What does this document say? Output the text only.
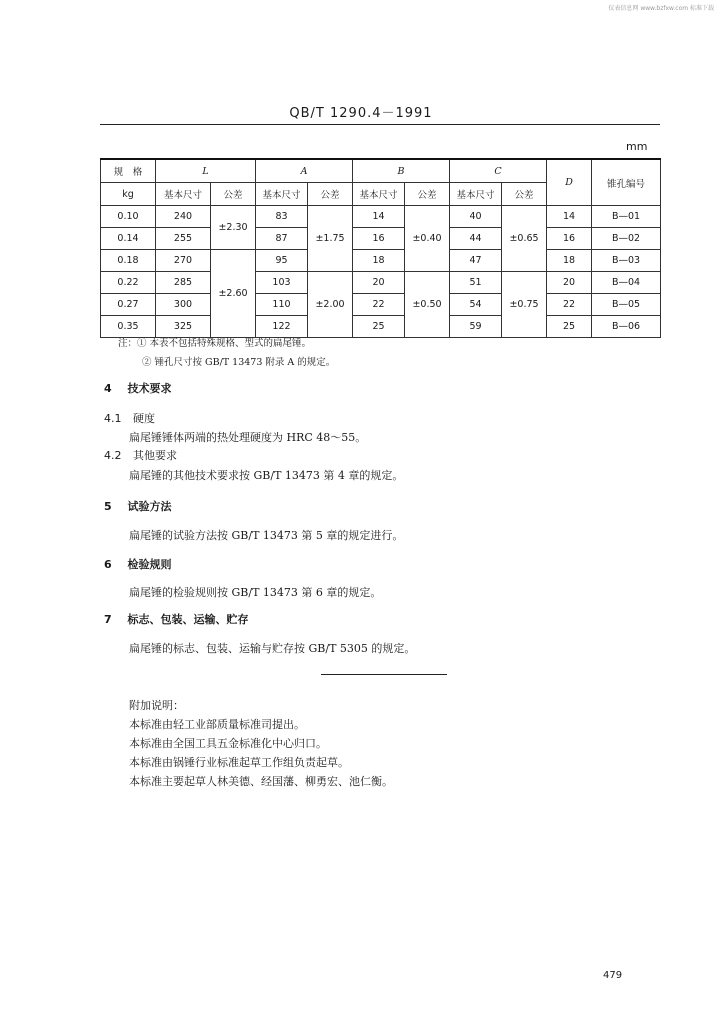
仪表信息网 www.bzfxw.com 标准下载
QB/T 1290.4－1991
mm
规　格	L		A		B		C		D	锥孔编号
kg	基本尺寸	公差	基本尺寸	公差	基本尺寸	公差	基本尺寸	公差		
0.10	240	±2.30	83	±1.75	14	±0.40	40	±0.65	14	B—01
0.14	255		87		16		44		16	B—02
0.18	270	±2.60	95		18		47		18	B—03
0.22	285		103	±2.00	20	±0.50	51	±0.75	20	B—04
0.27	300		110		22		54		22	B—05
0.35	325		122		25		59		25	B—06
注：① 本表不包括特殊规格、型式的扁尾锤。
② 锤孔尺寸按 GB/T 13473 附录 A 的规定。
4 技术要求
4.1 硬度
扁尾锤锤体两端的热处理硬度为 HRC 48～55。
4.2 其他要求
扁尾锤的其他技术要求按 GB/T 13473 第 4 章的规定。
5 试验方法
扁尾锤的试验方法按 GB/T 13473 第 5 章的规定进行。
6 检验规则
扁尾锤的检验规则按 GB/T 13473 第 6 章的规定。
7 标志、包装、运输、贮存
扁尾锤的标志、包装、运输与贮存按 GB/T 5305 的规定。
附加说明：
本标准由轻工业部质量标准司提出。
本标准由全国工具五金标准化中心归口。
本标准由锅锤行业标准起草工作组负责起草。
本标准主要起草人林美德、经国藩、柳勇宏、池仁衡。
479
